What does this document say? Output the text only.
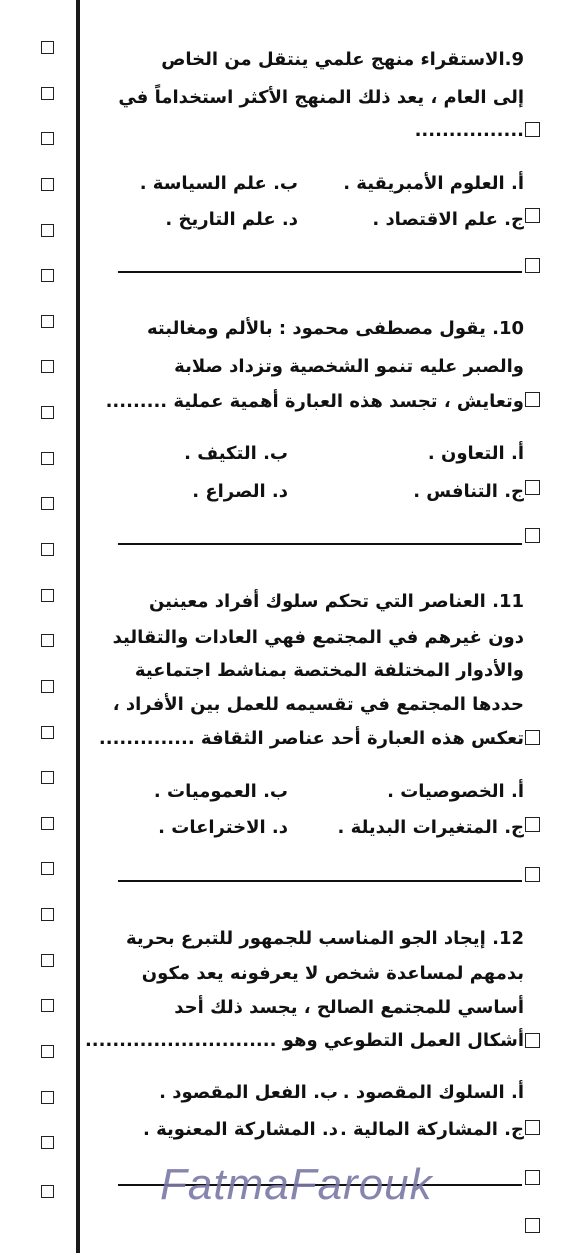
9.الاستقراء منهج علمي ينتقل من الخاص
إلى العام ، يعد ذلك المنهج الأكثر استخداماً في
................
أ. العلوم الأمبريقية .
ب. علم السياسة .
ج. علم الاقتصاد .
د. علم التاريخ .
10. يقول مصطفى محمود : بالألم ومغالبته
والصبر عليه تنمو الشخصية وتزداد صلابة
وتعايش ، تجسد هذه العبارة أهمية عملية .........
أ. التعاون .
ب. التكيف .
ج. التنافس .
د. الصراع .
11. العناصر التي تحكم سلوك أفراد معينين
دون غيرهم في المجتمع فهي العادات والتقاليد
والأدوار المختلفة المختصة بمناشط اجتماعية
حددها المجتمع في تقسيمه للعمل بين الأفراد ،
تعكس هذه العبارة أحد عناصر الثقافة ..............
أ. الخصوصيات .
ب. العموميات .
ج. المتغيرات البديلة .
د. الاختراعات .
12. إيجاد الجو المناسب للجمهور للتبرع بحرية
بدمهم لمساعدة شخص لا يعرفونه يعد مكون
أساسي للمجتمع الصالح ، يجسد ذلك أحد
أشكال العمل التطوعي وهو ............................
أ. السلوك المقصود .
ب. الفعل المقصود .
ج. المشاركة المالية .
د. المشاركة المعنوية .
FatmaFarouk
